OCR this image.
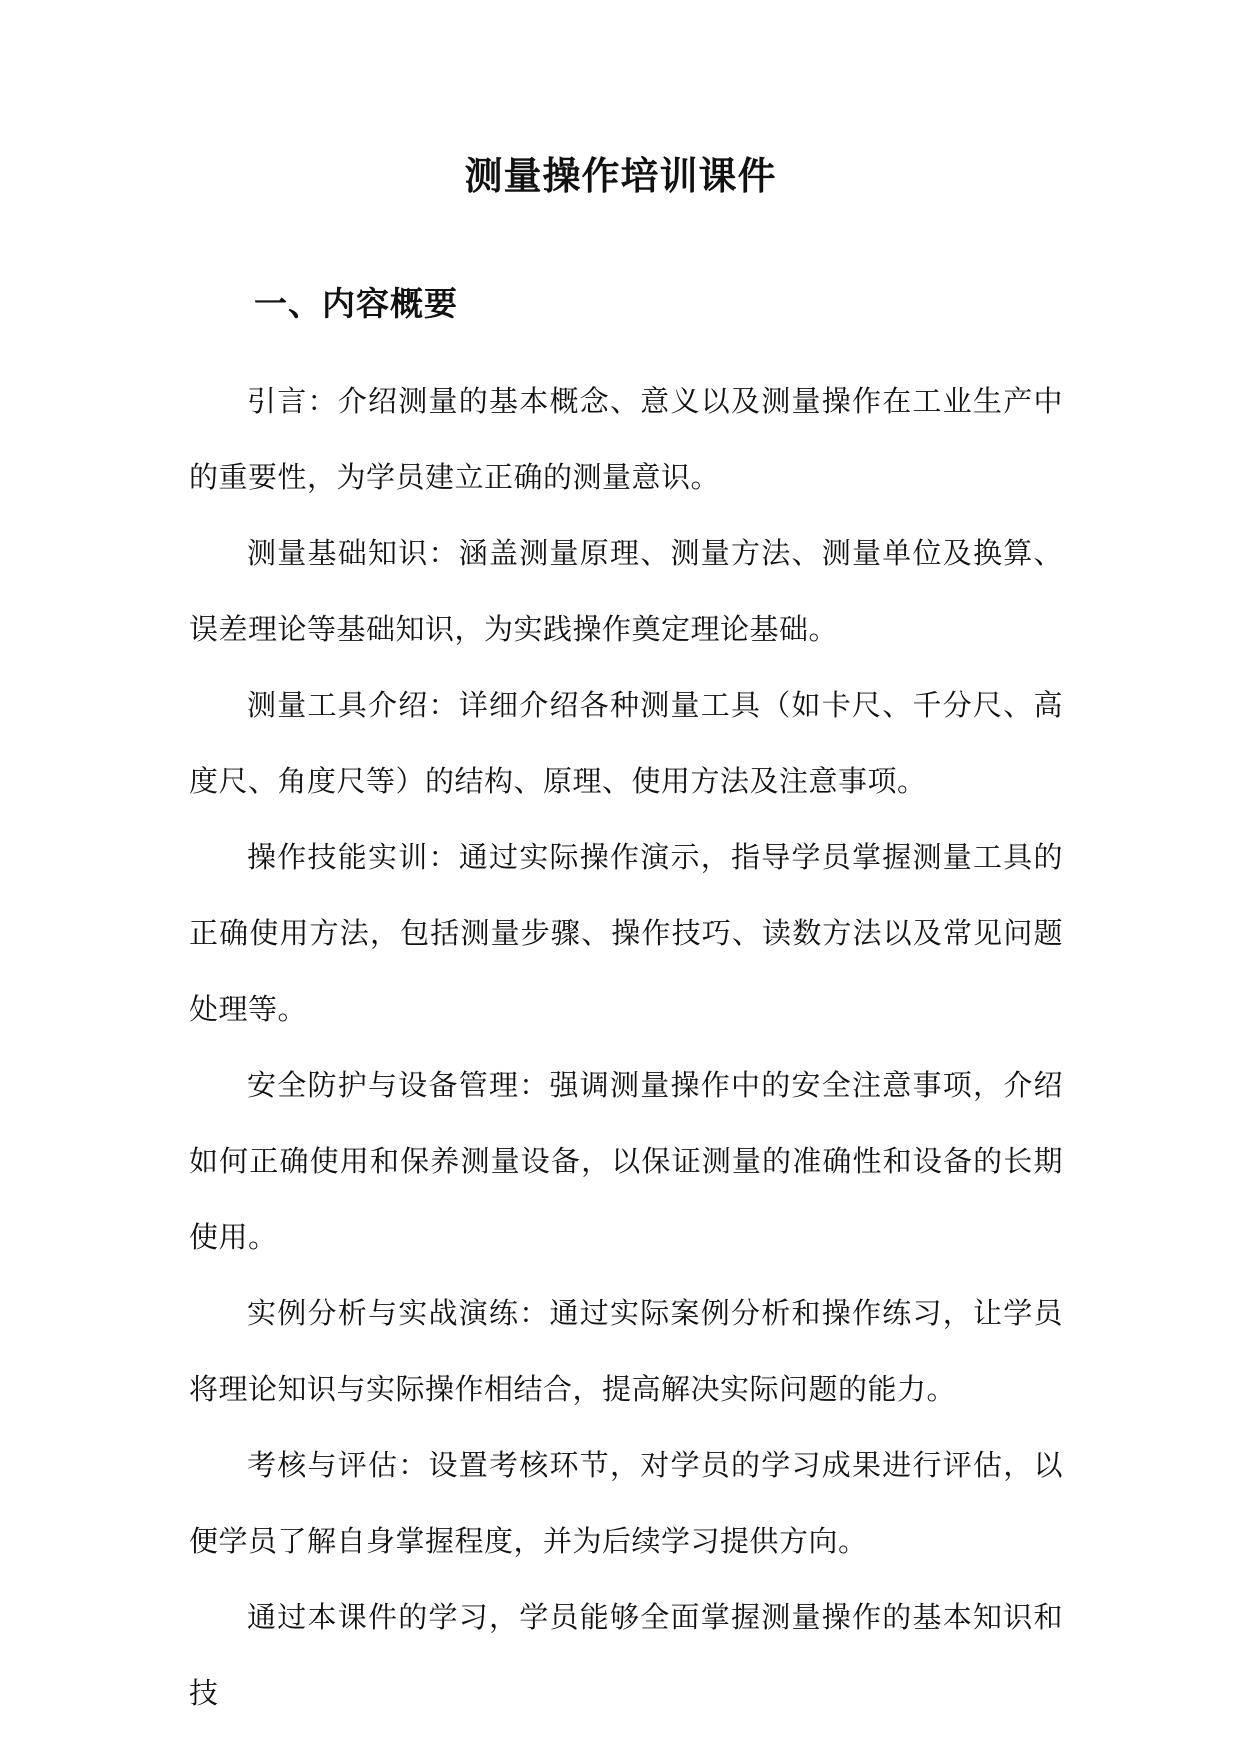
测量操作培训课件
一、内容概要

引言：介绍测量的基本概念、意义以及测量操作在工业生产中的重要性，为学员建立正确的测量意识。

测量基础知识：涵盖测量原理、测量方法、测量单位及换算、误差理论等基础知识，为实践操作奠定理论基础。

测量工具介绍：详细介绍各种测量工具（如卡尺、千分尺、高度尺、角度尺等）的结构、原理、使用方法及注意事项。

操作技能实训：通过实际操作演示，指导学员掌握测量工具的正确使用方法，包括测量步骤、操作技巧、读数方法以及常见问题处理等。

安全防护与设备管理：强调测量操作中的安全注意事项，介绍如何正确使用和保养测量设备，以保证测量的准确性和设备的长期使用。

实例分析与实战演练：通过实际案例分析和操作练习，让学员将理论知识与实际操作相结合，提高解决实际问题的能力。

考核与评估：设置考核环节，对学员的学习成果进行评估，以便学员了解自身掌握程度，并为后续学习提供方向。

通过本课件的学习，学员能够全面掌握测量操作的基本知识和技
